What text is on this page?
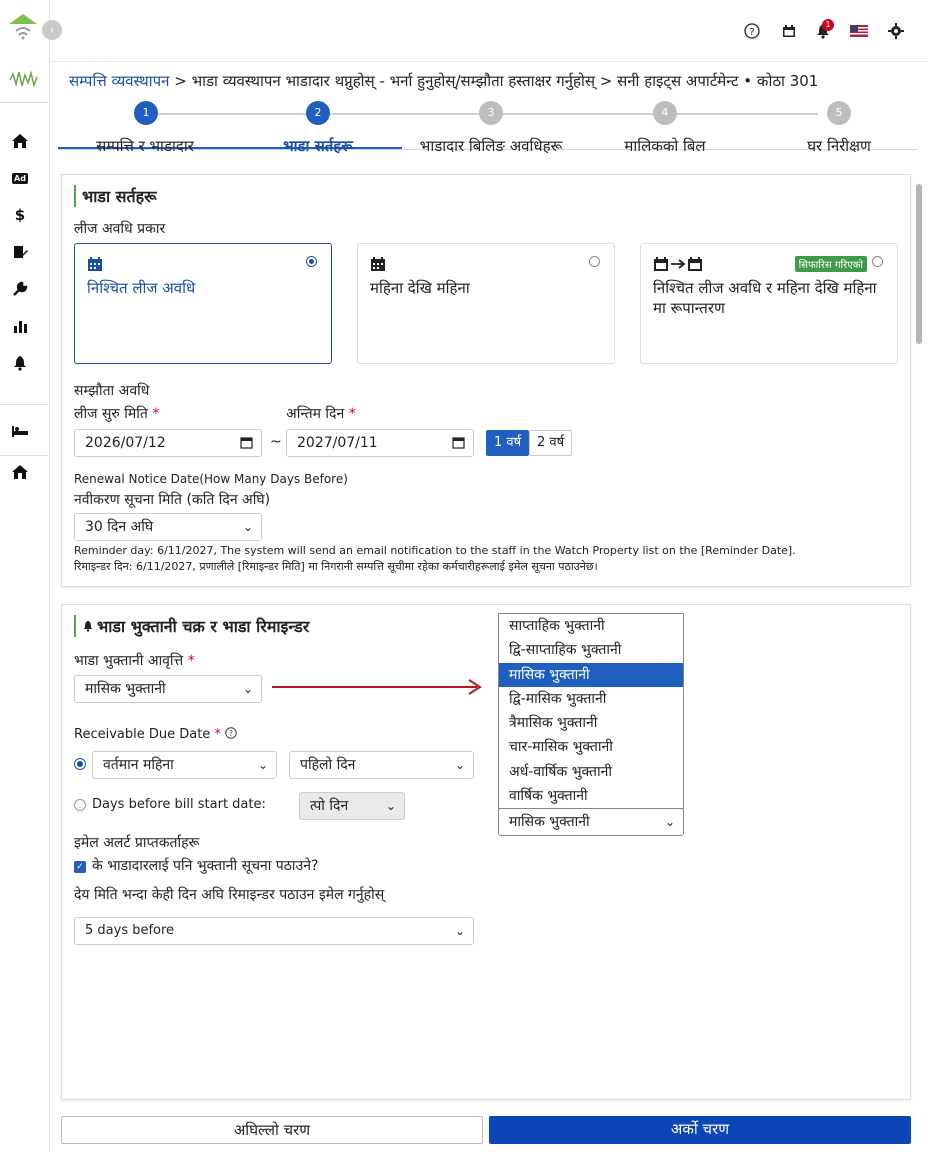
Ad
$
›	?
1
सम्पत्ति व्यवस्थापन > भाडा व्यवस्थापन भाडादार थप्नुहोस् - भर्ना हुनुहोस्/सम्झौता हस्ताक्षर गर्नुहोस् > सनी हाइट्स अपार्टमेन्ट • कोठा 301
1	2	3	4	5
सम्पत्ति र भाडादार	भाडा सर्तहरू	भाडादार बिलिङ अवधिहरू	मालिकको बिल	घर निरीक्षण
भाडा सर्तहरू
लीज अवधि प्रकार
निश्चित लीज अवधि	महिना देखि महिना
सिफारिस गरिएको
निश्चित लीज अवधि र महिना देखि महिना मा रूपान्तरण
सम्झौता अवधि
लीज सुरु मिति *	अन्तिम दिन *
2026/07/12	~	2027/07/11	1 वर्ष	2 वर्ष
Renewal Notice Date(How Many Days Before)
नवीकरण सूचना मिति (कति दिन अघि)
30 दिन अघि	⌄
Reminder day: 6/11/2027, The system will send an email notification to the staff in the Watch Property list on the [Reminder Date].
रिमाइन्डर दिन: 6/11/2027, प्रणालीले [रिमाइन्डर मिति] मा निगरानी सम्पत्ति सूचीमा रहेका कर्मचारीहरूलाई इमेल सूचना पठाउनेछ।
भाडा भुक्तानी चक्र र भाडा रिमाइन्डर
भाडा भुक्तानी आवृत्ति *
मासिक भुक्तानी	⌄
Receivable Due Date * ?
वर्तमान महिना	⌄	पहिलो दिन	⌄
Days before bill start date:	त्पो दिन	⌄
इमेल अलर्ट प्राप्तकर्ताहरू
✓ के भाडादारलाई पनि भुक्तानी सूचना पठाउने?
देय मिति भन्दा केही दिन अघि रिमाइन्डर पठाउन इमेल गर्नुहोस्
5 days before	⌄
साप्ताहिक भुक्तानी
द्वि-साप्ताहिक भुक्तानी
मासिक भुक्तानी
द्वि-मासिक भुक्तानी
त्रैमासिक भुक्तानी
चार-मासिक भुक्तानी
अर्ध-वार्षिक भुक्तानी
वार्षिक भुक्तानी
मासिक भुक्तानी	⌄
अघिल्लो चरण	अर्को चरण
